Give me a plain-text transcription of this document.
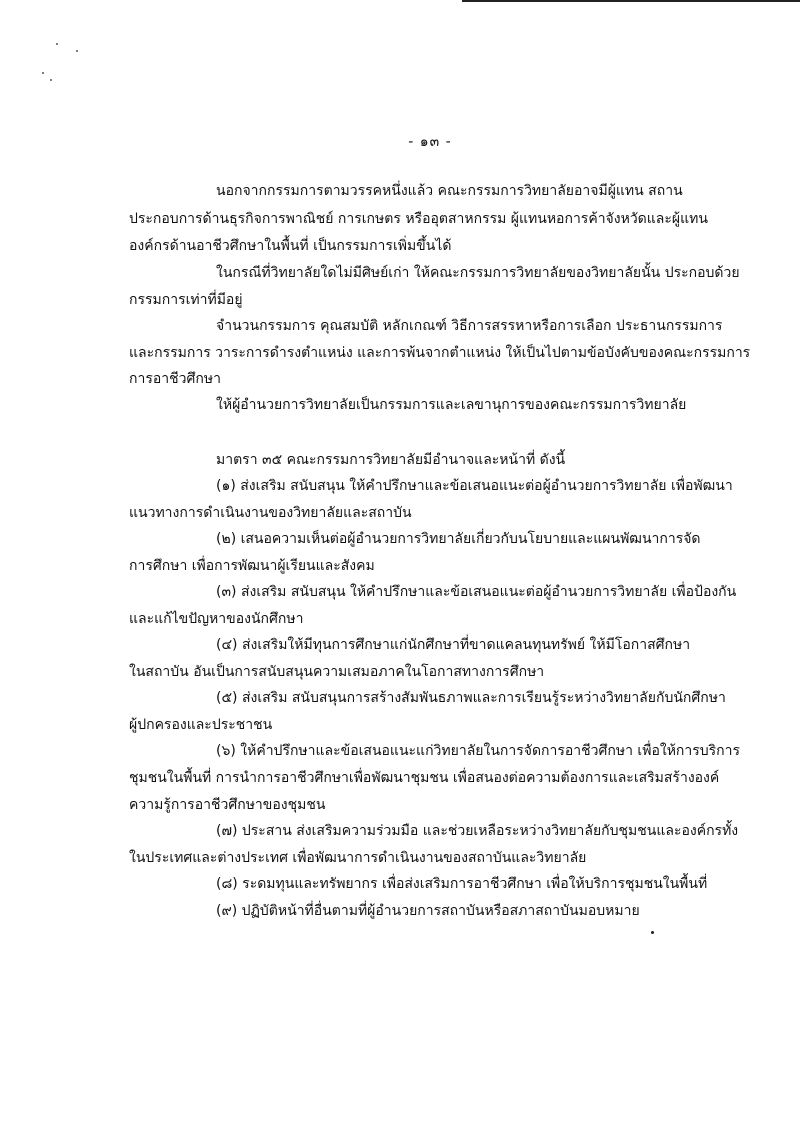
- ๑๓ -
นอกจากกรรมการตามวรรคหนึ่งแล้ว คณะกรรมการวิทยาลัยอาจมีผู้แทน สถาน
ประกอบการด้านธุรกิจการพาณิชย์ การเกษตร หรืออุตสาหกรรม ผู้แทนหอการค้าจังหวัดและผู้แทน
องค์กรด้านอาชีวศึกษาในพื้นที่ เป็นกรรมการเพิ่มขึ้นได้
ในกรณีที่วิทยาลัยใดไม่มีศิษย์เก่า ให้คณะกรรมการวิทยาลัยของวิทยาลัยนั้น ประกอบด้วย
กรรมการเท่าที่มีอยู่
จำนวนกรรมการ คุณสมบัติ หลักเกณฑ์ วิธีการสรรหาหรือการเลือก ประธานกรรมการ
และกรรมการ วาระการดำรงตำแหน่ง และการพ้นจากตำแหน่ง ให้เป็นไปตามข้อบังคับของคณะกรรมการ
การอาชีวศึกษา
ให้ผู้อำนวยการวิทยาลัยเป็นกรรมการและเลขานุการของคณะกรรมการวิทยาลัย
มาตรา ๓๕ คณะกรรมการวิทยาลัยมีอำนาจและหน้าที่ ดังนี้
(๑) ส่งเสริม สนับสนุน ให้คำปรึกษาและข้อเสนอแนะต่อผู้อำนวยการวิทยาลัย เพื่อพัฒนา
แนวทางการดำเนินงานของวิทยาลัยและสถาบัน
(๒) เสนอความเห็นต่อผู้อำนวยการวิทยาลัยเกี่ยวกับนโยบายและแผนพัฒนาการจัด
การศึกษา เพื่อการพัฒนาผู้เรียนและสังคม
(๓) ส่งเสริม สนับสนุน ให้คำปรึกษาและข้อเสนอแนะต่อผู้อำนวยการวิทยาลัย เพื่อป้องกัน
และแก้ไขปัญหาของนักศึกษา
(๔) ส่งเสริมให้มีทุนการศึกษาแก่นักศึกษาที่ขาดแคลนทุนทรัพย์ ให้มีโอกาสศึกษา
ในสถาบัน อันเป็นการสนับสนุนความเสมอภาคในโอกาสทางการศึกษา
(๕) ส่งเสริม สนับสนุนการสร้างสัมพันธภาพและการเรียนรู้ระหว่างวิทยาลัยกับนักศึกษา
ผู้ปกครองและประชาชน
(๖) ให้คำปรึกษาและข้อเสนอแนะแก่วิทยาลัยในการจัดการอาชีวศึกษา เพื่อให้การบริการ
ชุมชนในพื้นที่ การนำการอาชีวศึกษาเพื่อพัฒนาชุมชน เพื่อสนองต่อความต้องการและเสริมสร้างองค์
ความรู้การอาชีวศึกษาของชุมชน
(๗) ประสาน ส่งเสริมความร่วมมือ และช่วยเหลือระหว่างวิทยาลัยกับชุมชนและองค์กรทั้ง
ในประเทศและต่างประเทศ เพื่อพัฒนาการดำเนินงานของสถาบันและวิทยาลัย
(๘) ระดมทุนและทรัพยากร เพื่อส่งเสริมการอาชีวศึกษา เพื่อให้บริการชุมชนในพื้นที่
(๙) ปฏิบัติหน้าที่อื่นตามที่ผู้อำนวยการสถาบันหรือสภาสถาบันมอบหมาย
